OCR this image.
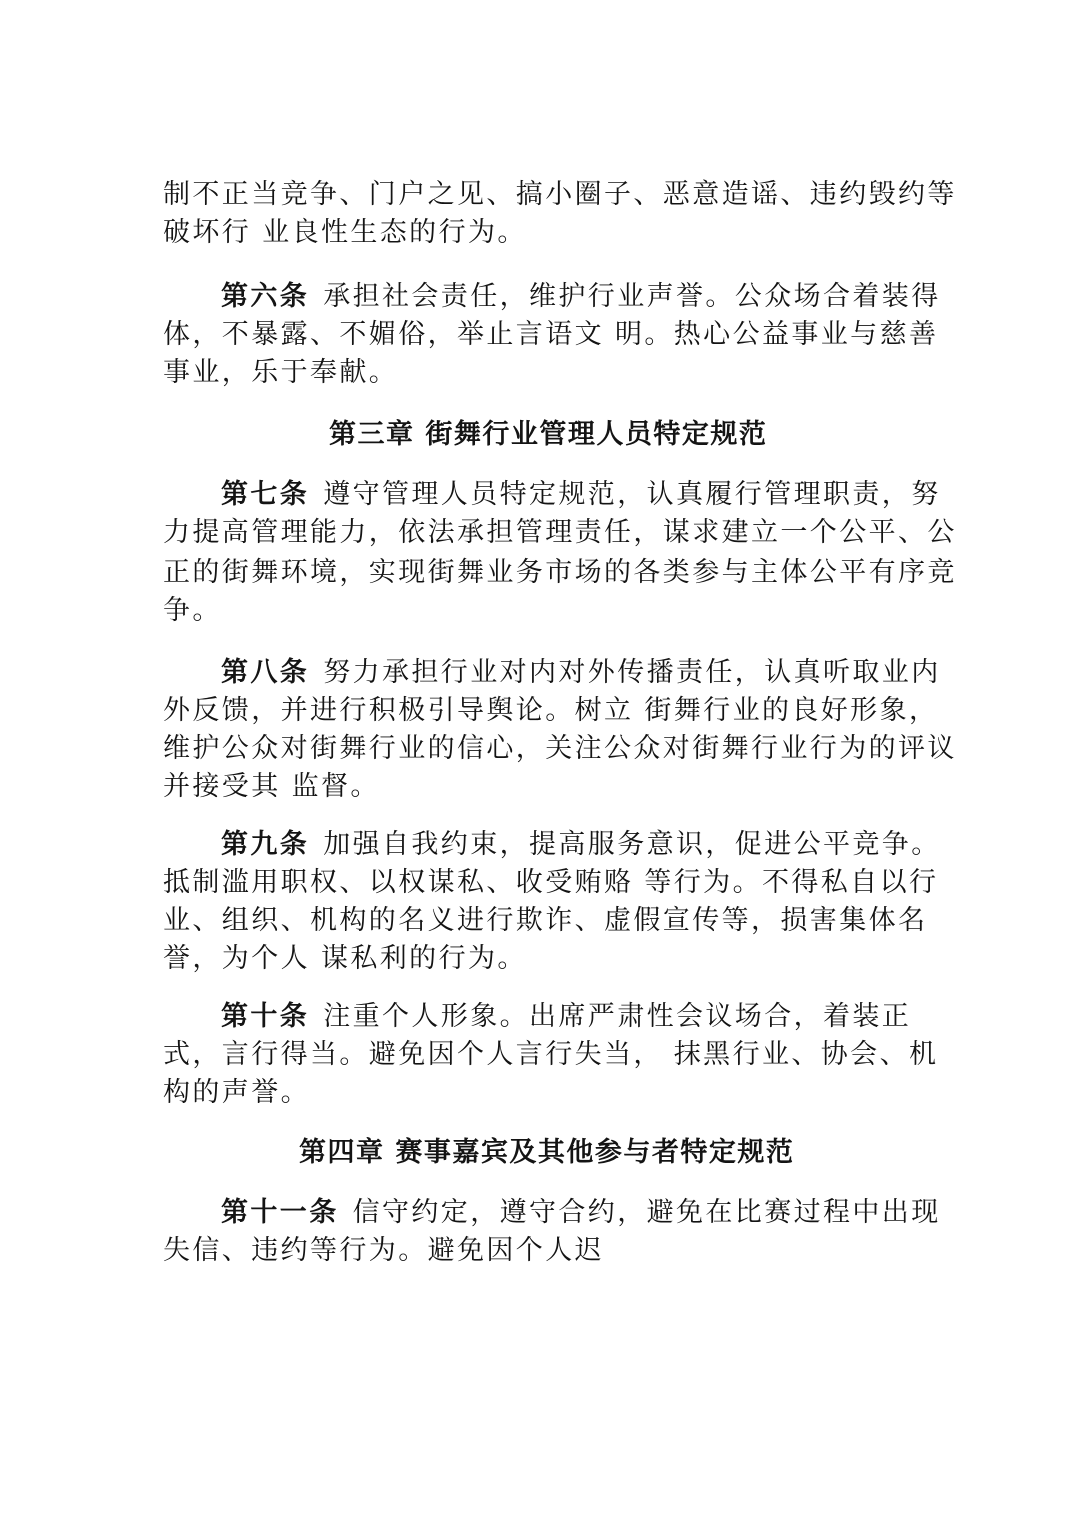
制不正当竞争、门户之见、搞小圈子、恶意造谣、违约毁约等
破坏行 业良性生态的行为。
第六条 承担社会责任，维护行业声誉。公众场合着装得
体，不暴露、不媚俗，举止言语文 明。热心公益事业与慈善
事业，乐于奉献。
第三章 街舞行业管理人员特定规范
第七条 遵守管理人员特定规范，认真履行管理职责，努
力提高管理能力，依法承担管理责任，谋求建立一个公平、公
正的街舞环境，实现街舞业务市场的各类参与主体公平有序竞
争。
第八条 努力承担行业对内对外传播责任，认真听取业内
外反馈，并进行积极引导舆论。树立 街舞行业的良好形象，
维护公众对街舞行业的信心，关注公众对街舞行业行为的评议
并接受其 监督。
第九条 加强自我约束，提高服务意识，促进公平竞争。
抵制滥用职权、以权谋私、收受贿赂 等行为。不得私自以行
业、组织、机构的名义进行欺诈、虚假宣传等，损害集体名
誉，为个人 谋私利的行为。
第十条 注重个人形象。出席严肃性会议场合，着装正
式，言行得当。避免因个人言行失当， 抹黑行业、协会、机
构的声誉。
第四章 赛事嘉宾及其他参与者特定规范
第十一条 信守约定，遵守合约，避免在比赛过程中出现
失信、违约等行为。避免因个人迟
